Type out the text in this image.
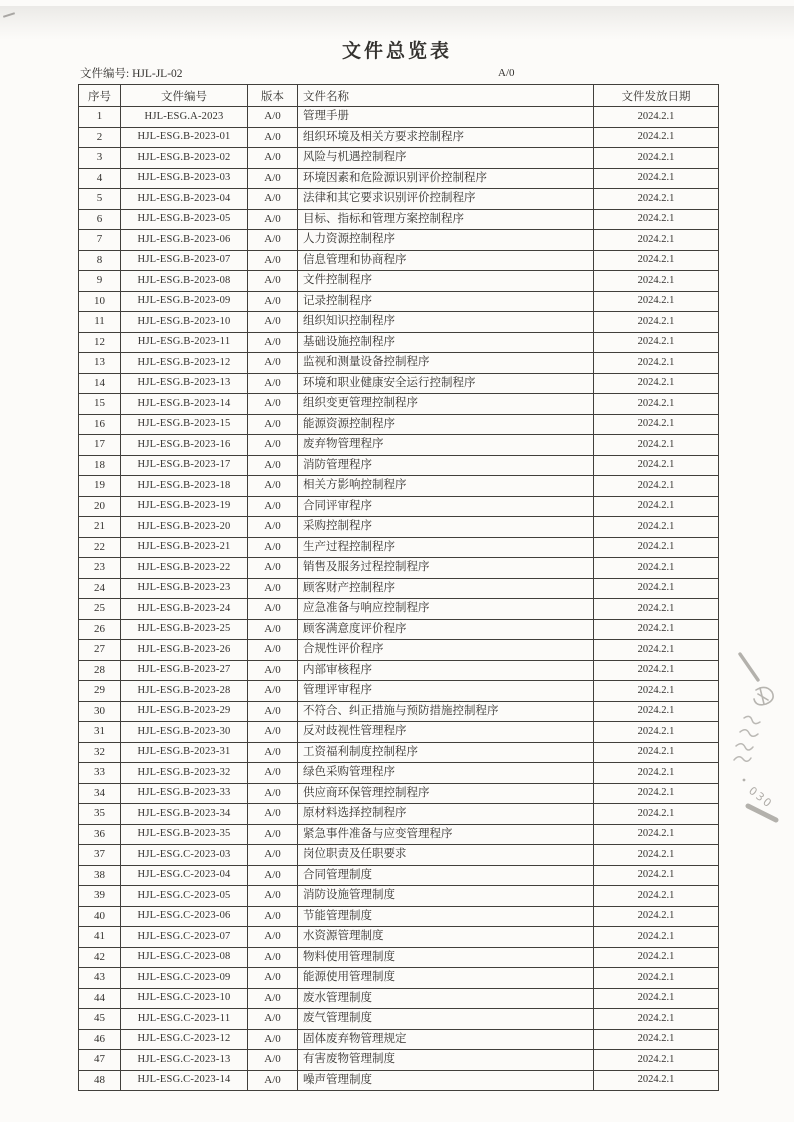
文件总览表
文件编号: HJL-JL-02	A/0
序号	文件编号	版本	文件名称	文件发放日期
1	HJL-ESG.A-2023	A/0	管理手册	2024.2.1
2	HJL-ESG.B-2023-01	A/0	组织环境及相关方要求控制程序	2024.2.1
3	HJL-ESG.B-2023-02	A/0	风险与机遇控制程序	2024.2.1
4	HJL-ESG.B-2023-03	A/0	环境因素和危险源识别评价控制程序	2024.2.1
5	HJL-ESG.B-2023-04	A/0	法律和其它要求识别评价控制程序	2024.2.1
6	HJL-ESG.B-2023-05	A/0	目标、指标和管理方案控制程序	2024.2.1
7	HJL-ESG.B-2023-06	A/0	人力资源控制程序	2024.2.1
8	HJL-ESG.B-2023-07	A/0	信息管理和协商程序	2024.2.1
9	HJL-ESG.B-2023-08	A/0	文件控制程序	2024.2.1
10	HJL-ESG.B-2023-09	A/0	记录控制程序	2024.2.1
11	HJL-ESG.B-2023-10	A/0	组织知识控制程序	2024.2.1
12	HJL-ESG.B-2023-11	A/0	基础设施控制程序	2024.2.1
13	HJL-ESG.B-2023-12	A/0	监视和测量设备控制程序	2024.2.1
14	HJL-ESG.B-2023-13	A/0	环境和职业健康安全运行控制程序	2024.2.1
15	HJL-ESG.B-2023-14	A/0	组织变更管理控制程序	2024.2.1
16	HJL-ESG.B-2023-15	A/0	能源资源控制程序	2024.2.1
17	HJL-ESG.B-2023-16	A/0	废弃物管理程序	2024.2.1
18	HJL-ESG.B-2023-17	A/0	消防管理程序	2024.2.1
19	HJL-ESG.B-2023-18	A/0	相关方影响控制程序	2024.2.1
20	HJL-ESG.B-2023-19	A/0	合同评审程序	2024.2.1
21	HJL-ESG.B-2023-20	A/0	采购控制程序	2024.2.1
22	HJL-ESG.B-2023-21	A/0	生产过程控制程序	2024.2.1
23	HJL-ESG.B-2023-22	A/0	销售及服务过程控制程序	2024.2.1
24	HJL-ESG.B-2023-23	A/0	顾客财产控制程序	2024.2.1
25	HJL-ESG.B-2023-24	A/0	应急准备与响应控制程序	2024.2.1
26	HJL-ESG.B-2023-25	A/0	顾客满意度评价程序	2024.2.1
27	HJL-ESG.B-2023-26	A/0	合规性评价程序	2024.2.1
28	HJL-ESG.B-2023-27	A/0	内部审核程序	2024.2.1
29	HJL-ESG.B-2023-28	A/0	管理评审程序	2024.2.1
30	HJL-ESG.B-2023-29	A/0	不符合、纠正措施与预防措施控制程序	2024.2.1
31	HJL-ESG.B-2023-30	A/0	反对歧视性管理程序	2024.2.1
32	HJL-ESG.B-2023-31	A/0	工资福利制度控制程序	2024.2.1
33	HJL-ESG.B-2023-32	A/0	绿色采购管理程序	2024.2.1
34	HJL-ESG.B-2023-33	A/0	供应商环保管理控制程序	2024.2.1
35	HJL-ESG.B-2023-34	A/0	原材料选择控制程序	2024.2.1
36	HJL-ESG.B-2023-35	A/0	紧急事件准备与应变管理程序	2024.2.1
37	HJL-ESG.C-2023-03	A/0	岗位职责及任职要求	2024.2.1
38	HJL-ESG.C-2023-04	A/0	合同管理制度	2024.2.1
39	HJL-ESG.C-2023-05	A/0	消防设施管理制度	2024.2.1
40	HJL-ESG.C-2023-06	A/0	节能管理制度	2024.2.1
41	HJL-ESG.C-2023-07	A/0	水资源管理制度	2024.2.1
42	HJL-ESG.C-2023-08	A/0	物料使用管理制度	2024.2.1
43	HJL-ESG.C-2023-09	A/0	能源使用管理制度	2024.2.1
44	HJL-ESG.C-2023-10	A/0	废水管理制度	2024.2.1
45	HJL-ESG.C-2023-11	A/0	废气管理制度	2024.2.1
46	HJL-ESG.C-2023-12	A/0	固体废弃物管理规定	2024.2.1
47	HJL-ESG.C-2023-13	A/0	有害废物管理制度	2024.2.1
48	HJL-ESG.C-2023-14	A/0	噪声管理制度	2024.2.1
030
